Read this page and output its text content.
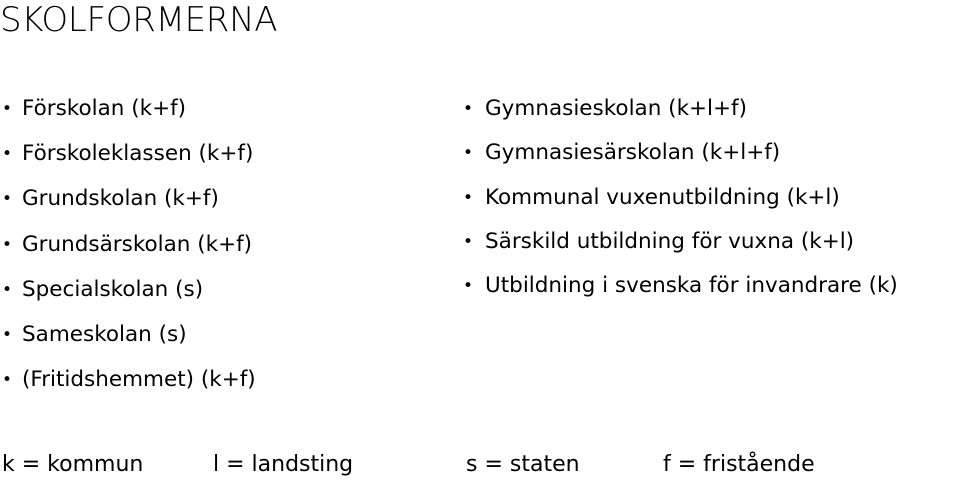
SKOLFORMERNA
• Förskolan (k+f)
• Förskoleklassen (k+f)
• Grundskolan (k+f)
• Grundsärskolan (k+f)
• Specialskolan (s)
• Sameskolan (s)
• (Fritidshemmet) (k+f)
• Gymnasieskolan (k+l+f)
• Gymnasiesärskolan (k+l+f)
• Kommunal vuxenutbildning (k+l)
• Särskild utbildning för vuxna (k+l)
• Utbildning i svenska för invandrare (k)
k = kommun	l = landsting	s = staten	f = fristående
